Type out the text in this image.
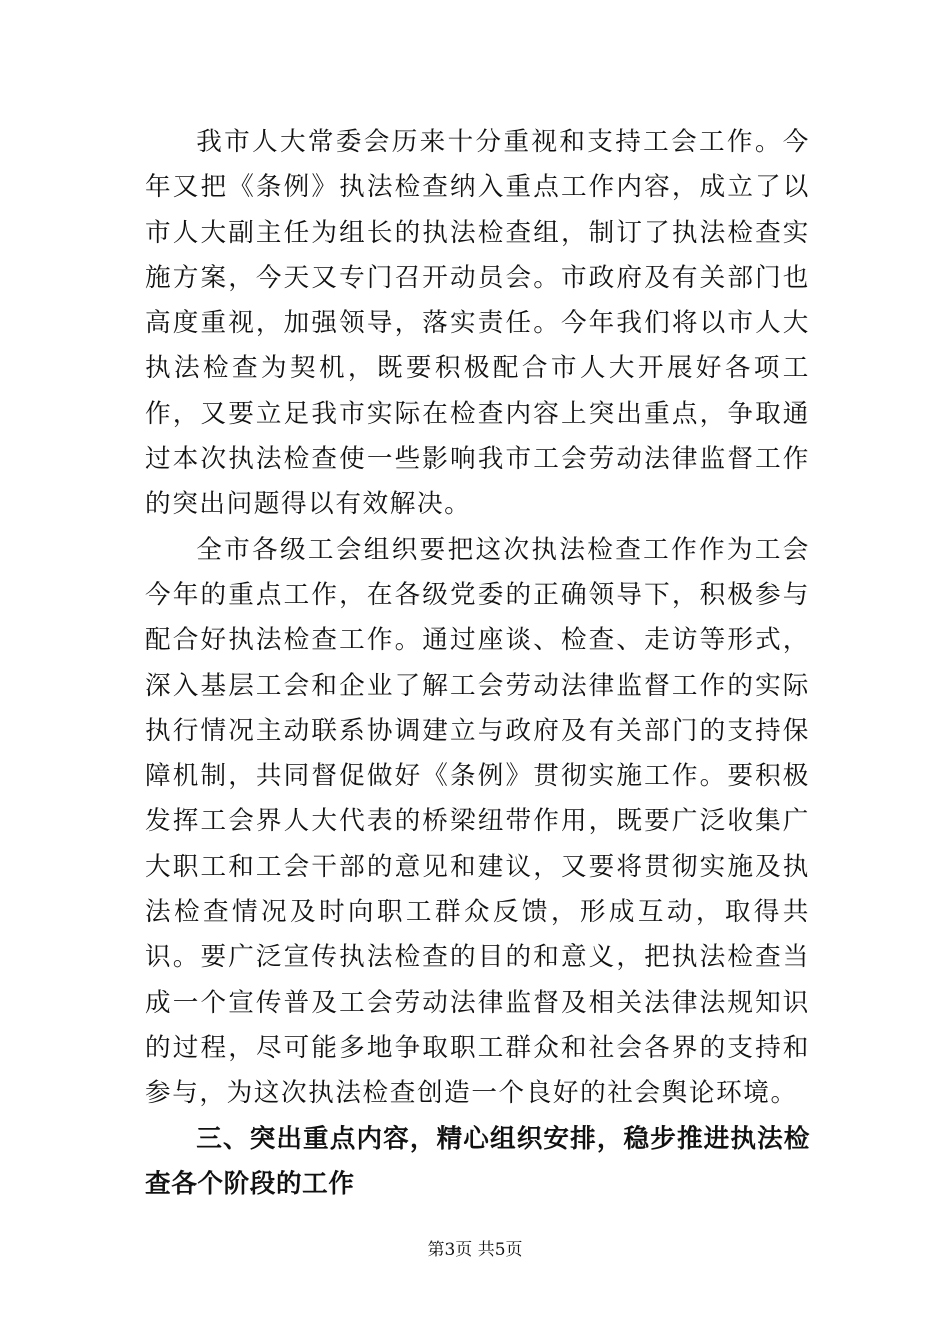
我市人大常委会历来十分重视和支持工会工作。今年又把《条例》执法检查纳入重点工作内容，成立了以市人大副主任为组长的执法检查组，制订了执法检查实施方案，今天又专门召开动员会。市政府及有关部门也高度重视，加强领导，落实责任。今年我们将以市人大执法检查为契机，既要积极配合市人大开展好各项工作，又要立足我市实际在检查内容上突出重点，争取通过本次执法检查使一些影响我市工会劳动法律监督工作的突出问题得以有效解决。

全市各级工会组织要把这次执法检查工作作为工会今年的重点工作，在各级党委的正确领导下，积极参与配合好执法检查工作。通过座谈、检查、走访等形式，深入基层工会和企业了解工会劳动法律监督工作的实际执行情况主动联系协调建立与政府及有关部门的支持保障机制，共同督促做好《条例》贯彻实施工作。要积极发挥工会界人大代表的桥梁纽带作用，既要广泛收集广大职工和工会干部的意见和建议，又要将贯彻实施及执法检查情况及时向职工群众反馈，形成互动，取得共识。要广泛宣传执法检查的目的和意义，把执法检查当成一个宣传普及工会劳动法律监督及相关法律法规知识的过程，尽可能多地争取职工群众和社会各界的支持和参与，为这次执法检查创造一个良好的社会舆论环境。

三、突出重点内容，精心组织安排，稳步推进执法检查各个阶段的工作

第3页 共5页
